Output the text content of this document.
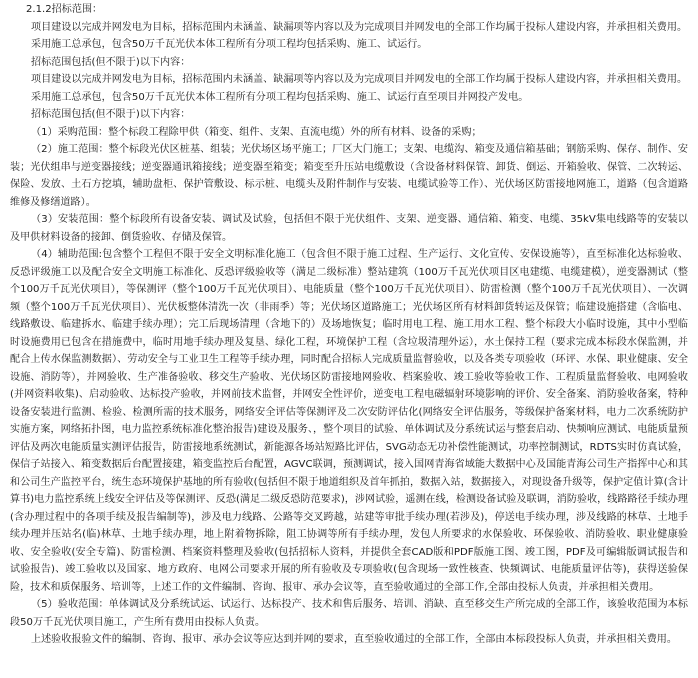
2.1.2招标范围：

项目建设以完成并网发电为目标，招标范围内未涵盖、缺漏项等内容以及为完成项目并网发电的全部工作均属于投标人建设内容，并承担相关费用。

采用施工总承包，包含50万千瓦光伏本体工程所有分项工程均包括采购、施工、试运行。

招标范围包括(但不限于)以下内容：

项目建设以完成并网发电为目标，招标范围内未涵盖、缺漏项等内容以及为完成项目并网发电的全部工作均属于投标人建设内容，并承担相关费用。

采用施工总承包，包含50万千瓦光伏本体工程所有分项工程均包括采购、施工、试运行直至项目并网投产发电。

招标范围包括(但不限于)以下内容：

（1）采购范围：整个标段工程除甲供（箱变、组件、支架、直流电缆）外的所有材料、设备的采购；

（2）施工范围：整个标段光伏区桩基、组装；光伏场区场平施工；厂区大门施工；支架、电缆沟、箱变及通信箱基础；钢筋采购、保存、制作、安装；光伏组串与逆变器接线；逆变器通讯箱接线；逆变器至箱变；箱变至升压站电缆敷设（含设备材料保管、卸货、倒运、开箱验收、保管、二次转运、保险、发放、土石方挖填，辅助盘柜、保护管敷设、标示桩、电缆头及附件制作与安装、电缆试验等工作）、光伏场区防雷接地网施工，道路（包含道路维修及修缮道路）。

（3）安装范围：整个标段所有设备安装、调试及试验，包括但不限于光伏组件、支架、逆变器、通信箱、箱变、电缆、35kV集电线路等的安装以及甲供材料设备的接卸、倒货验收、存储及保管。

（4）辅助范围:包含整个工程但不限于安全文明标准化施工（包含但不限于施工过程、生产运行、文化宣传、安保设施等），直至标准化达标验收、反恐评级施工以及配合安全文明施工标准化、反恐评级验收等（满足二级标准）整站建筑（100万千瓦光伏项目区电建缆、电缆建模），逆变器测试（整个100万千瓦光伏项目），等保测评（整个100万千瓦光伏项目）、电能质量（整个100万千瓦光伏项目）、防雷检测（整个100万千瓦光伏项目）、一次调频（整个100万千瓦光伏项目）、光伏板整体清洗一次（非雨季）等；光伏场区道路施工；光伏场区所有材料卸货转运及保管；临建设施搭建（含临电、线路敷设、临建拆水、临建手续办理）；完工后现场清理（含地下的）及场地恢复；临时用电工程、施工用水工程、整个标段大小临时设施，其中小型临时设施费用已包含在措施费中，临时用地手续办理及复垦、绿化工程，环境保护工程（含垃圾清理外运），水土保持工程（要求完成本标段水保监测，并配合上传水保监测数据）、劳动安全与工业卫生工程等手续办理，同时配合招标人完成质量监督验收，以及各类专项验收（环评、水保、职业健康、安全设施、消防等），并网验收、生产准备验收、移交生产验收、光伏场区防雷接地网验收、档案验收、竣工验收等验收工作、工程质量监督验收、电网验收(并网资料收集)、启动验收、达标投产验收，并网前技术监督，并网安全性评价，逆变电工程电磁辐射环境影响的评价、安全备案、消防验收备案，特种设备安装进行监测、检验、检测所需的技术服务，网络安全评估等保测评及二次安防评估化(网络安全评估服务，等级保护备案材料，电力二次系统防护实施方案，网络拓扑图，电力监控系统标准化整治报告)建设及服务、，整个项目的试验、单体调试及分系统试运与整套启动、快频响应测试、电能质量预评估及两次电能质量实测评估报告，防雷接地系统测试，新能源各场站短路比评估，SVG动态无功补偿性能测试，功率控制测试，RDTS实时仿真试验，保信子站接入、箱变数据后台配置接建，箱变监控后台配置，AGVC联调，预测调试，接入国网青海省域能大数据中心及国能青海公司生产指挥中心和其和公司生产监控平台，统生态环境保护基地的所有验收(包括但不限于地道组织及首年抓拍，数据入站，数据接入，对现设备升级等，保护定值计算(含计算书)电力监控系统上线安全评估及等保测评、反恐(满足二级反恐防范要求)，涉网试验，遥测在线，检测设备试验及联调，消防验收，线路路径手续办理(含办理过程中的各项手续及报告编制等)，涉及电力线路、公路等交叉跨越，站建等审批手续办理(若涉及)，停送电手续办理，涉及线路的林草、土地手续办理并压站名(临)林草、土地手续办理，地上附着物拆除，阻工协调等所有手续办理，发包人所要求的水保验收、环保验收、消防验收、职业健康验收、安全验收(安全专篇)、防雷检测、档案资料整理及验收(包括招标人资料，并提供全套CAD版和PDF版施工图、竣工图，PDF及可编辑版调试报告和试验报告)、竣工验收以及国家、地方政府、电网公司要求开展的所有验收及专项验收(包含现场一致性核查、快频调试、电能质量评估等)，获得送验保险，技术和质保服务、培训等，上述工作的文件编制、咨询、报审、承办会议等，直至验收通过的全部工作,全部由投标人负责，并承担相关费用。

（5）验收范围：单体调试及分系统试运、试运行、达标投产、技术和售后服务、培训、消缺、直至移交生产所完成的全部工作，该验收范围为本标段50万千瓦光伏项目施工，产生所有费用由投标人负责。

上述验收报验文件的编制、咨询、报审、承办会议等应达到并网的要求，直至验收通过的全部工作，全部由本标段投标人负责，并承担相关费用。
